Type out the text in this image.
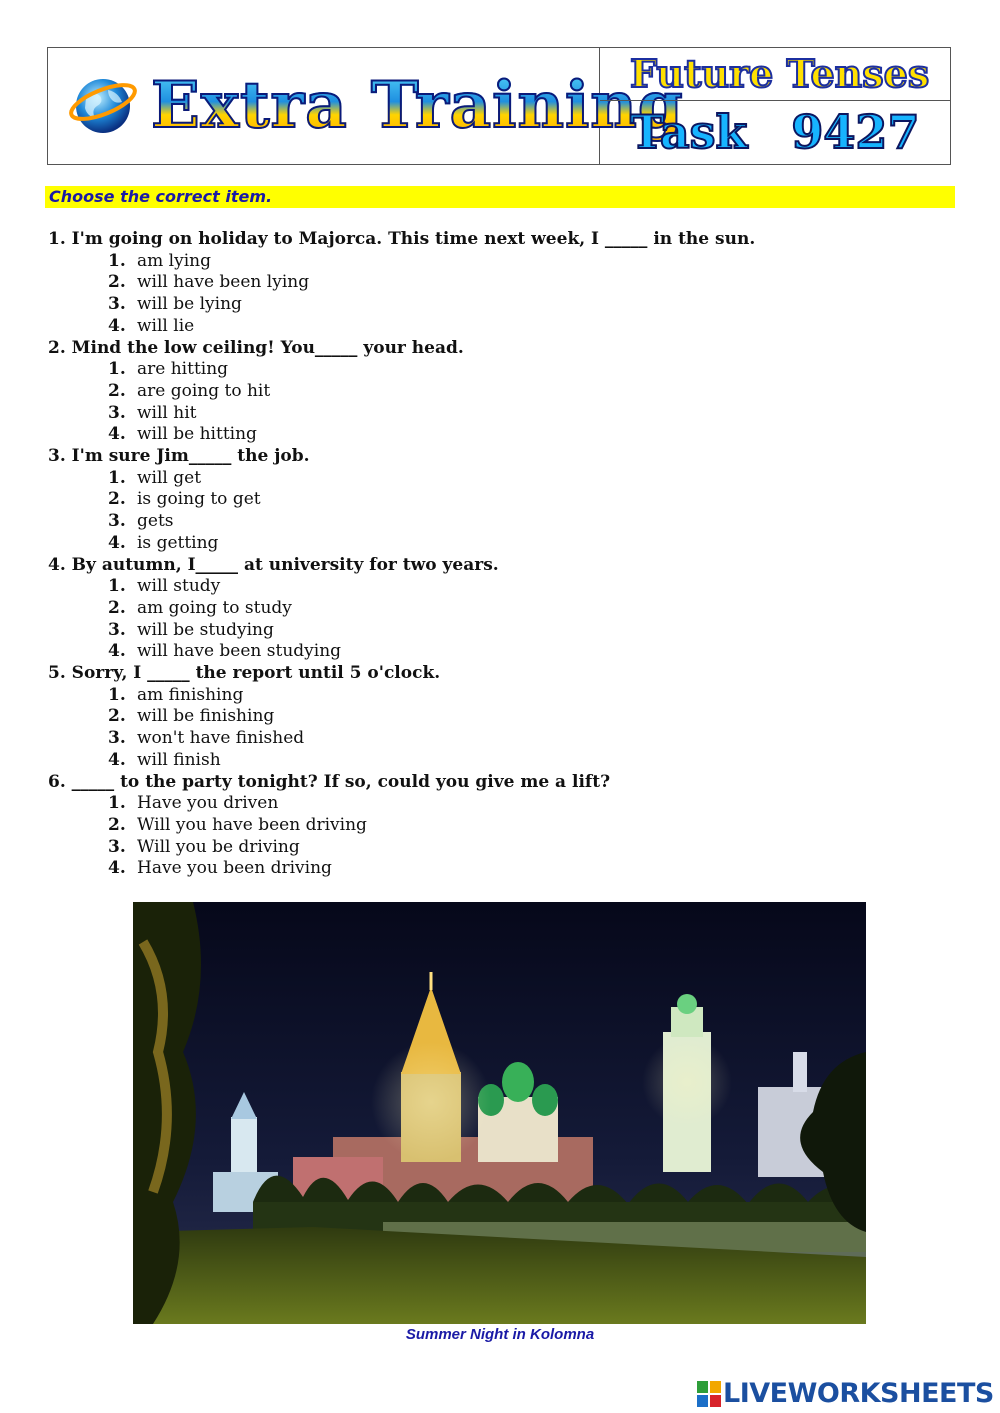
Extra Training
Future Tenses
Task 9427
Choose the correct item.
1. I'm going on holiday to Majorca. This time next week, I _____ in the sun.
1. am lying
2. will have been lying
3. will be lying
4. will lie
2. Mind the low ceiling! You_____ your head.
1. are hitting
2. are going to hit
3. will hit
4. will be hitting
3. I'm sure Jim_____ the job.
1. will get
2. is going to get
3. gets
4. is getting
4. By autumn, I_____ at university for two years.
1. will study
2. am going to study
3. will be studying
4. will have been studying
5. Sorry, I _____ the report until 5 o'clock.
1. am finishing
2. will be finishing
3. won't have finished
4. will finish
6. _____ to the party tonight? If so, could you give me a lift?
1. Have you driven
2. Will you have been driving
3. Will you be driving
4. Have you been driving
Summer Night in Kolomna
LIVEWORKSHEETS
